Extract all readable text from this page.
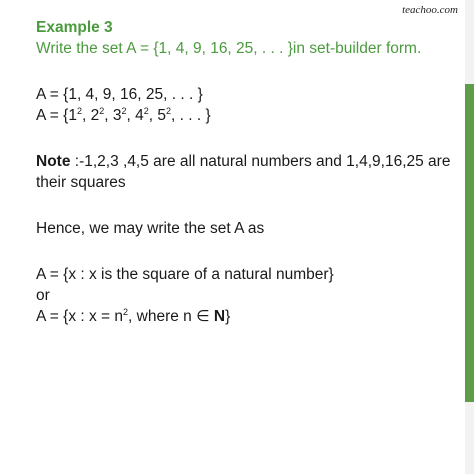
teachoo.com
Example 3
Write the set A = {1, 4, 9, 16, 25, . . . }in set-builder form.
A = {1, 4, 9, 16, 25, . . . }
$A = \{1^2$, $2^2$, $3^2$, $4^2$, $5^2$, . . . }
Note :-1,2,3 ,4,5 are all natural numbers and 1,4,9,16,25 are their squares
Hence, we may write the set A as
A = {x : x is the square of a natural number}
or
A = {x : $x = n^2$, where n ∈ N}
